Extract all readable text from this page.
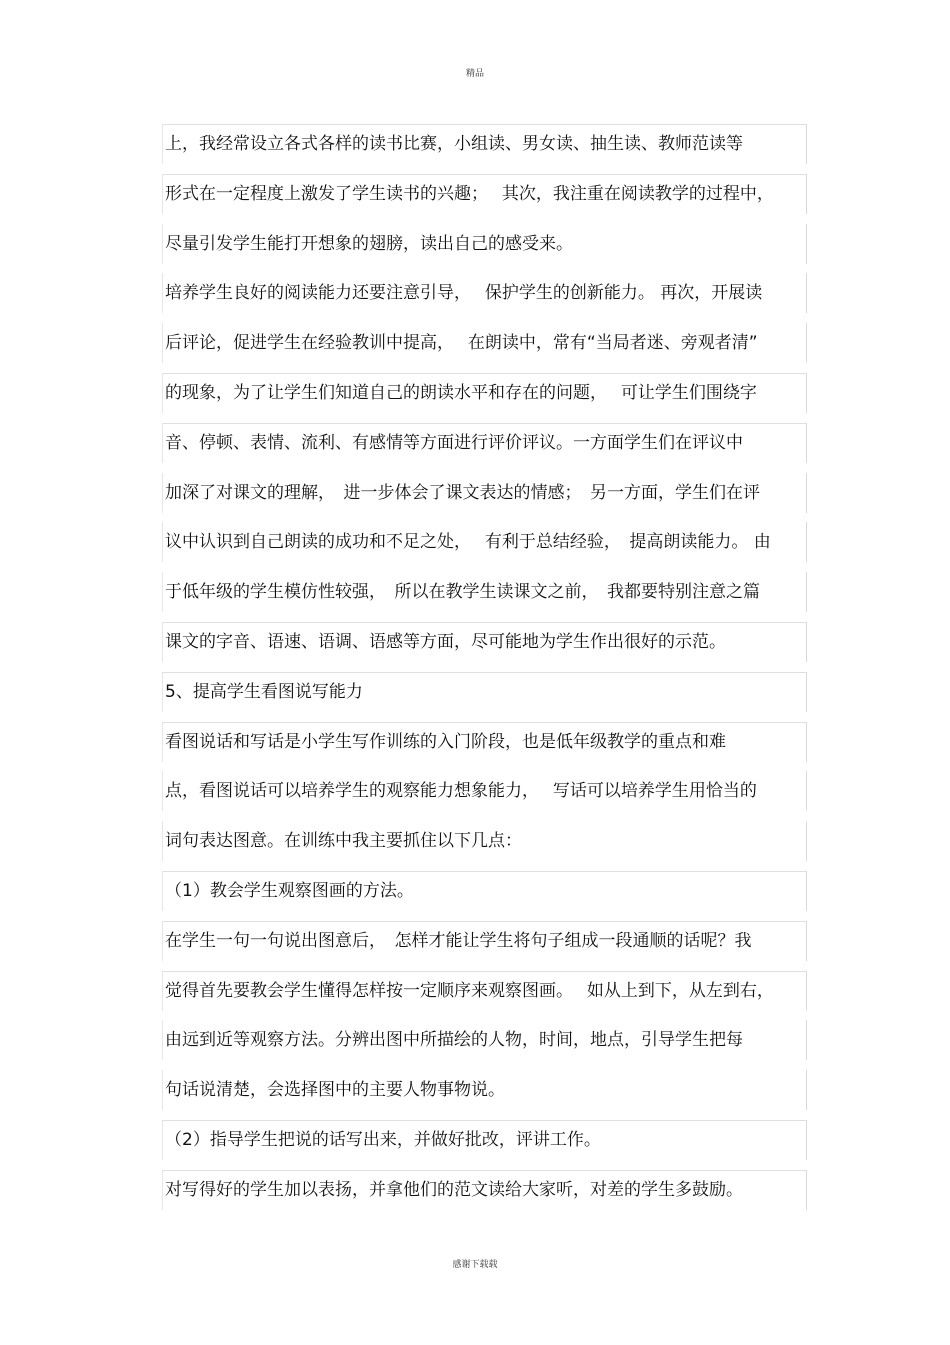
精品
上，我经常设立各式各样的读书比赛，小组读、男女读、抽生读、教师范读等
形式在一定程度上激发了学生读书的兴趣；　 其次，我注重在阅读教学的过程中，
尽量引发学生能打开想象的翅膀，读出自己的感受来。
培养学生良好的阅读能力还要注意引导，　 保护学生的创新能力。 再次，开展读
后评论，促进学生在经验教训中提高，　 在朗读中，常有“当局者迷、旁观者清”
的现象，为了让学生们知道自己的朗读水平和存在的问题，　 可让学生们围绕字
音、停顿、表情、流利、有感情等方面进行评价评议。一方面学生们在评议中
加深了对课文的理解，　进一步体会了课文表达的情感；　另一方面，学生们在评
议中认识到自己朗读的成功和不足之处，　 有利于总结经验，　提高朗读能力。 由
于低年级的学生模仿性较强，　所以在教学生读课文之前，　我都要特别注意之篇
课文的字音、语速、语调、语感等方面，尽可能地为学生作出很好的示范。
5、提高学生看图说写能力
看图说话和写话是小学生写作训练的入门阶段，也是低年级教学的重点和难
点，看图说话可以培养学生的观察能力想象能力，　 写话可以培养学生用恰当的
词句表达图意。在训练中我主要抓住以下几点：
（1）教会学生观察图画的方法。
在学生一句一句说出图意后，　怎样才能让学生将句子组成一段通顺的话呢？我
觉得首先要教会学生懂得怎样按一定顺序来观察图画。　 如从上到下，从左到右，
由远到近等观察方法。分辨出图中所描绘的人物，时间，地点，引导学生把每
句话说清楚，会选择图中的主要人物事物说。
（2）指导学生把说的话写出来，并做好批改，评讲工作。
对写得好的学生加以表扬，并拿他们的范文读给大家听，对差的学生多鼓励。
感谢下载载
